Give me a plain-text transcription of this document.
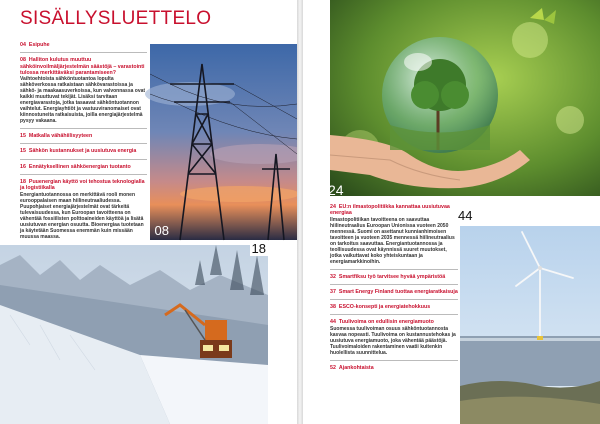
SISÄLLYSLUETTELO
04 Esipuhe
08 Halliton kulutus muuttuu sähköinvoilmäljärjestelmän säästöjä – varastointi tulossa merkittäväksi parantamiseen?
Vaihtoehtoista sähköntuotantoa lopulta sähköverkossa ratkaistaan sähkövarastoissa ja sähkö- ja maakaasuverkoissa, kun valvonnassa ovat kaikki muuttuvat tekijät. Lisäksi tarvitaan energiavarastoja, jotka tasaavat sähköntuotannon vaihtelut. Energiayhtiöt ja vastuuviranomaiset ovat kiinnostuneita ratkaisuista, joilla energiajärjestelmä pysyy vakaana.
15 Matkalla vähähiilisyyteen
15 Sähkön kustannukset ja uusiutuva energia
16 Ennätyksellinen sähköenergian tuotanto
18 Puuenergian käyttö voi tehostua teknologialla ja logistiikalla
Energiantuotannossa on merkittävä rooli monen eurooppalaisen maan hiilineutraaliudessa. Puupohjaiset energiajärjestelmät ovat tärkeitä tulevaisuudessa, kun Euroopan tavoitteena on vähentää fossiilisten polttoaineiden käyttöä ja lisätä uusiutuvan energian osuutta. Bioenergiaa tuotetaan ja käytetään Suomessa enemmän kuin missään muussa maassa.	08
18
24
24 EU:n ilmastopolitiikka kannattaa uusiutuvaa energiaa
Ilmastopolitiikan tavoitteena on saavuttaa hiilineutraalius Euroopan Unionissa vuoteen 2050 mennessä. Suomi on asettanut kunnianhimoisen tavoitteen ja vuoteen 2035 mennessä hiilineutraalius on tarkoitus saavuttaa. Energiantuotannossa ja teollisuudessa ovat käynnissä suuret muutokset, jotka vaikuttavat koko yhteiskuntaan ja energiamarkkinoihin.
32 Smartfiksu työ tarvitsee hyvää ympäristöä
37 Smart Energy Finland tuottaa energiaratkaisuja
38 ESCO-konsepti ja energiatehokkuus
44 Tuulivoima on edullisin energiamuoto
Suomessa tuulivoiman osuus sähköntuotannosta kasvaa nopeasti. Tuulivoima on kustannustehokas ja uusiutuva energiamuoto, joka vähentää päästöjä. Tuulivoimaloiden rakentaminen vaatii kuitenkin huolellista suunnittelua.
52 Ajankohtaista
44
